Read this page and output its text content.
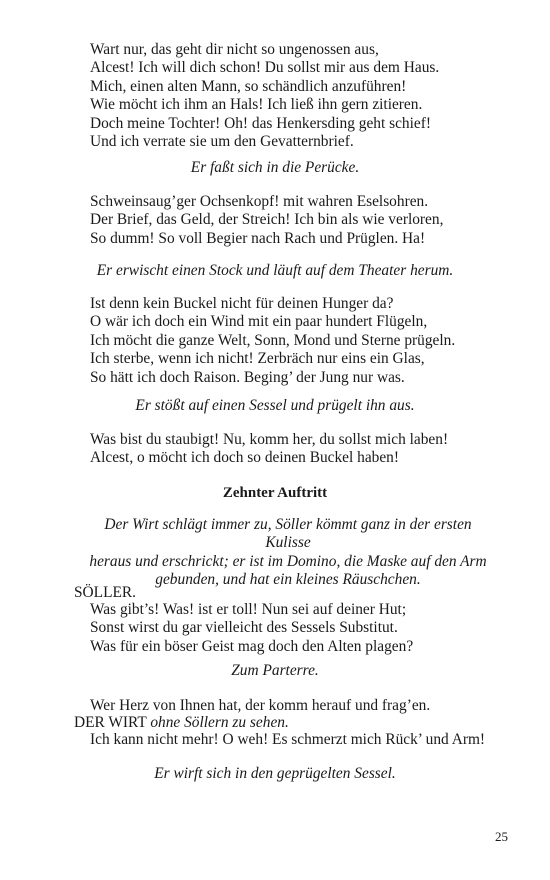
Wart nur, das geht dir nicht so ungenossen aus,
Alcest! Ich will dich schon! Du sollst mir aus dem Haus.
Mich, einen alten Mann, so schändlich anzuführen!
Wie möcht ich ihm an Hals! Ich ließ ihn gern zitieren.
Doch meine Tochter! Oh! das Henkersding geht schief!
Und ich verrate sie um den Gevatternbrief.
Er faßt sich in die Perücke.
Schweinsaug’ger Ochsenkopf! mit wahren Eselsohren.
Der Brief, das Geld, der Streich! Ich bin als wie verloren,
So dumm! So voll Begier nach Rach und Prüglen. Ha!
Er erwischt einen Stock und läuft auf dem Theater herum.
Ist denn kein Buckel nicht für deinen Hunger da?
O wär ich doch ein Wind mit ein paar hundert Flügeln,
Ich möcht die ganze Welt, Sonn, Mond und Sterne prügeln.
Ich sterbe, wenn ich nicht! Zerbräch nur eins ein Glas,
So hätt ich doch Raison. Beging’ der Jung nur was.
Er stößt auf einen Sessel und prügelt ihn aus.
Was bist du staubigt! Nu, komm her, du sollst mich laben!
Alcest, o möcht ich doch so deinen Buckel haben!
Zehnter Auftritt
Der Wirt schlägt immer zu, Söller kömmt ganz in der ersten Kulisse
heraus und erschrickt; er ist im Domino, die Maske auf den Arm
gebunden, und hat ein kleines Räuschchen.
SÖLLER.
Was gibt’s! Was! ist er toll! Nun sei auf deiner Hut;
Sonst wirst du gar vielleicht des Sessels Substitut.
Was für ein böser Geist mag doch den Alten plagen?
Zum Parterre.
Wer Herz von Ihnen hat, der komm herauf und frag’en.
DER WIRT ohne Söllern zu sehen.
Ich kann nicht mehr! O weh! Es schmerzt mich Rück’ und Arm!
Er wirft sich in den geprügelten Sessel.
25
